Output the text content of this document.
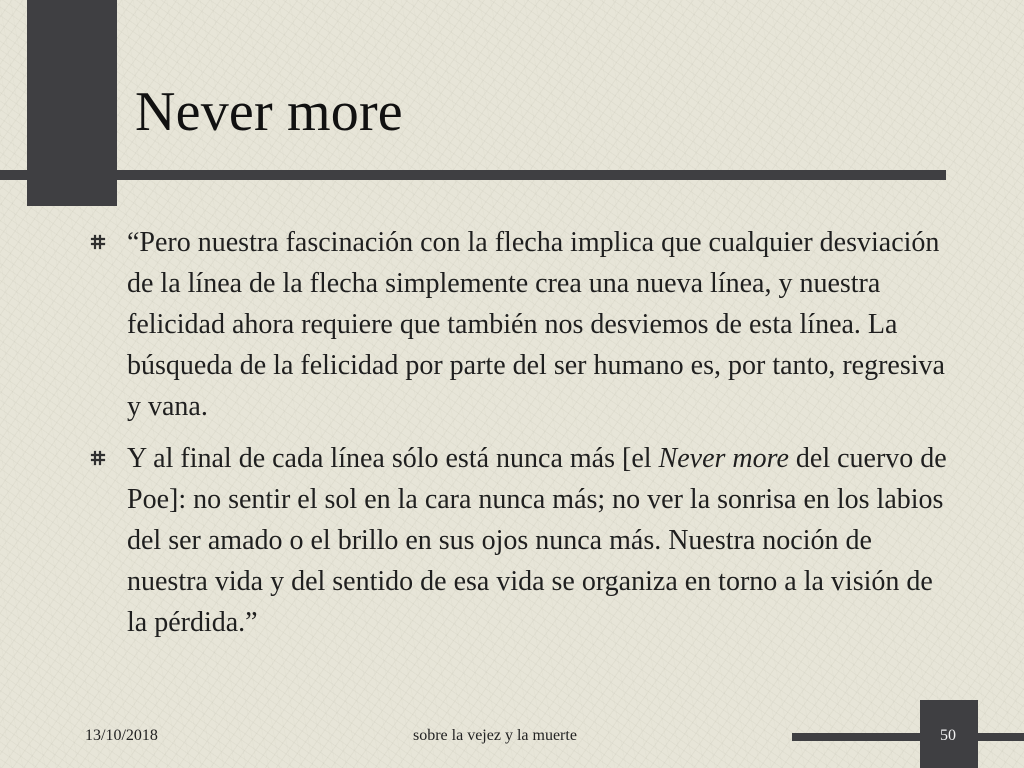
Never more
“Pero nuestra fascinación con la flecha implica que cualquier desviación de la línea de la flecha simplemente crea una nueva línea, y nuestra felicidad ahora requiere que también nos desviemos de esta línea. La búsqueda de la felicidad por parte del ser humano es, por tanto, regresiva y vana.
Y al final de cada línea sólo está nunca más [el Never more del cuervo de Poe]: no sentir el sol en la cara nunca más; no ver la sonrisa en los labios del ser amado o el brillo en sus ojos nunca más. Nuestra noción de nuestra vida y del sentido de esa vida se organiza en torno a la visión de la pérdida.”
13/10/2018	sobre la vejez y la muerte	50
